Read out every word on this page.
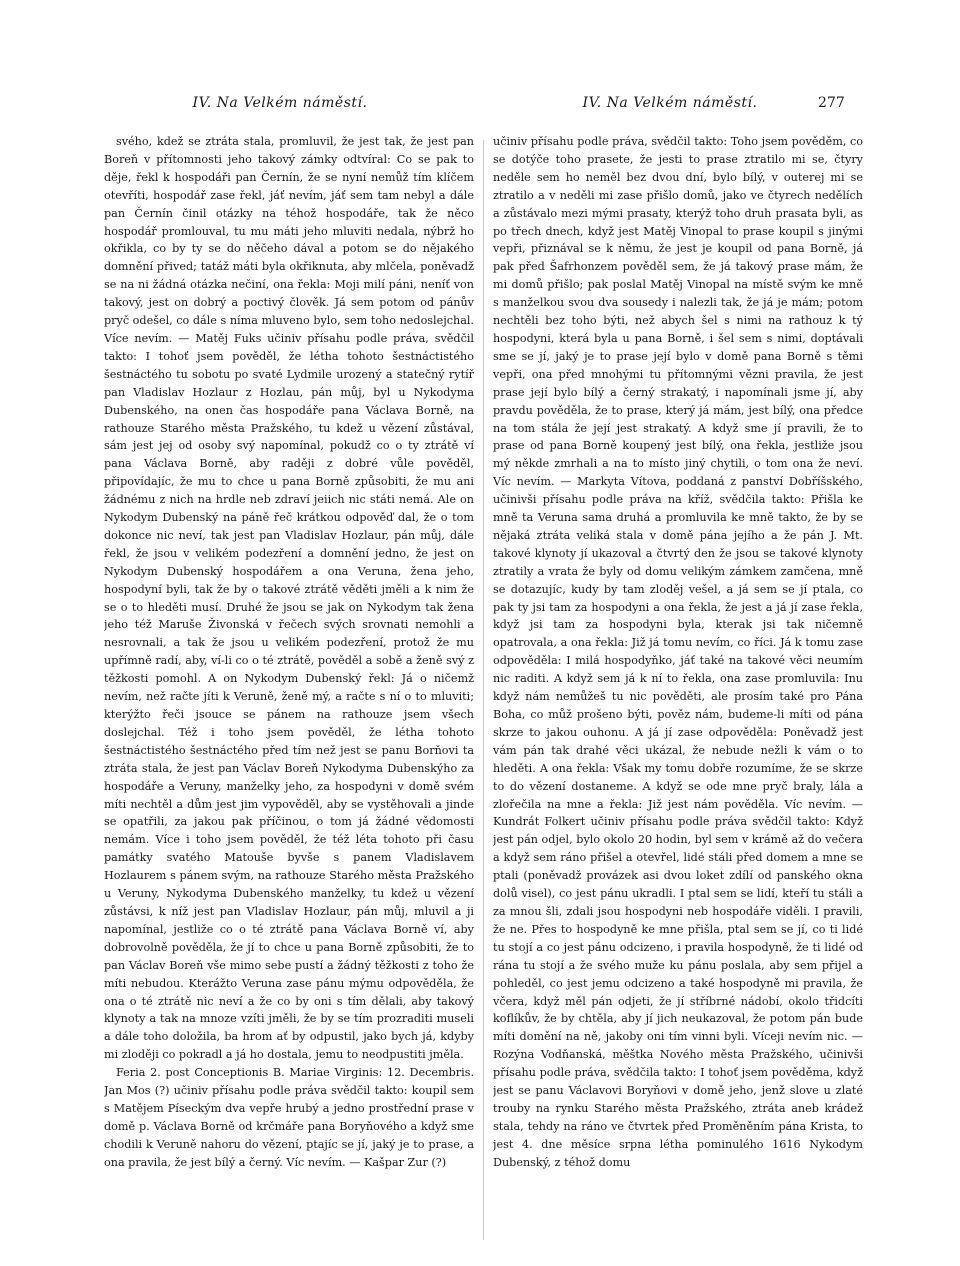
IV. Na Velkém náměstí.	IV. Na Velkém náměstí.	277

svého, kdež se ztráta stala, promluvil, že jest tak, že jest pan Boreň v přítomnosti jeho takový zámky odtvíral: Co se pak to děje, řekl k hospodáři pan Černín, že se nyní nemůž tím klíčem otevříti, hospodář zase řekl, jáť nevím, jáť sem tam nebyl a dále pan Černín činil otázky na téhož hospodáře, tak že něco hospodář promlouval, tu mu máti jeho mluviti nedala, nýbrž ho okřikla, co by ty se do něčeho dával a potom se do nějakého domnění přived; tatáž máti byla okřiknuta, aby mlčela, poněvadž se na ni žádná otázka nečiní, ona řekla: Moji milí páni, neníť von takový, jest on dobrý a poctivý člověk. Já sem potom od pánův pryč odešel, co dále s níma mluveno bylo, sem toho nedoslejchal. Více nevím. — Matěj Fuks učiniv přísahu podle práva, svědčil takto: I tohoť jsem pověděl, že létha tohoto šestnáctistého šestnáctého tu sobotu po svaté Lydmile urozený a statečný rytíř pan Vladislav Hozlaur z Hozlau, pán můj, byl u Nykodyma Dubenského, na onen čas hospodáře pana Václava Borně, na rathouze Starého města Pražského, tu kdež u vězení zůstával, sám jest jej od osoby svý napomínal, pokudž co o ty ztrátě ví pana Václava Borně, aby raději z dobré vůle pověděl, připovídajíc, že mu to chce u pana Borně způsobiti, že mu ani žádnému z nich na hrdle neb zdraví jeiich nic státi nemá. Ale on Nykodym Dubenský na páně řeč krátkou odpověď dal, že o tom dokonce nic neví, tak jest pan Vladislav Hozlaur, pán můj, dále řekl, že jsou v velikém podezření a domnění jedno, že jest on Nykodym Dubenský hospodářem a ona Veruna, žena jeho, hospodyní byli, tak že by o takové ztrátě věděti jměli a k nim že se o to hleděti musí. Druhé že jsou se jak on Nykodym tak žena jeho též Maruše Živonská v řečech svých srovnati nemohli a nesrovnali, a tak že jsou u velikém podezření, protož že mu upřímně radí, aby, ví-li co o té ztrátě, pověděl a sobě a ženě svý z těžkosti pomohl. A on Nykodym Dubenský řekl: Já o ničemž nevím, než račte jíti k Veruně, ženě mý, a račte s ní o to mluviti; kterýžto řeči jsouce se pánem na rathouze jsem všech doslejchal. Též i toho jsem pověděl, že létha tohoto šestnáctistého šestnáctého před tím než jest se panu Borňovi ta ztráta stala, že jest pan Václav Boreň Nykodyma Dubenskýho za hospodáře a Veruny, manželky jeho, za hospodyni v domě svém míti nechtěl a dům jest jim vypověděl, aby se vystěhovali a jinde se opatřili, za jakou pak příčinou, o tom já žádné vědomosti nemám. Více i toho jsem pověděl, že též léta tohoto při času památky svatého Matouše byvše s panem Vladislavem Hozlaurem s pánem svým, na rathouze Starého města Pražského u Veruny, Nykodyma Dubenského manželky, tu kdež u vězení zůstávsi, k níž jest pan Vladislav Hozlaur, pán můj, mluvil a ji napomínal, jestliže co o té ztrátě pana Václava Borně ví, aby dobrovolně pověděla, že jí to chce u pana Borně způsobiti, že to pan Václav Boreň vše mimo sebe pustí a žádný těžkosti z toho že míti nebudou. Kterážto Veruna zase pánu mýmu odpověděla, že ona o té ztrátě nic neví a že co by oni s tím dělali, aby takový klynoty a tak na mnoze vzíti jměli, že by se tím prozraditi museli a dále toho doložila, ba hrom ať by odpustil, jako bych já, kdyby mi zloději co pokradl a já ho dostala, jemu to neodpustiti jměla.

Feria 2. post Conceptionis B. Mariae Virginis: 12. Decembris. Jan Mos (?) učiniv přísahu podle práva svědčil takto: koupil sem s Matějem Píseckým dva vepře hrubý a jedno prostřední prase v domě p. Václava Borně od krčmáře pana Boryňového a když sme chodili k Veruně nahoru do vězení, ptajíc se jí, jaký je to prase, a ona pravila, že jest bílý a černý. Víc nevím. — Kašpar Zur (?)

učiniv přísahu podle práva, svědčil takto: Toho jsem pověděm, co se dotýče toho prasete, že jesti to prase ztratilo mi se, čtyry neděle sem ho neměl bez dvou dní, bylo bílý, v outerej mi se ztratilo a v neděli mi zase přišlo domů, jako ve čtyrech nedělích a zůstávalo mezi mými prasaty, kterýž toho druh prasata byli, as po třech dnech, když jest Matěj Vinopal to prase koupil s jinými vepři, přiznával se k němu, že jest je koupil od pana Borně, já pak před Šafrhonzem pověděl sem, že já takový prase mám, že mi domů přišlo; pak poslal Matěj Vinopal na místě svým ke mně s manželkou svou dva sousedy i nalezli tak, že já je mám; potom nechtěli bez toho býti, než abych šel s nimi na rathouz k tý hospodyni, která byla u pana Borně, i šel sem s nimi, doptávali sme se jí, jaký je to prase její bylo v domě pana Borně s těmi vepři, ona před mnohými tu přítomnými vězni pravila, že jest prase její bylo bílý a černý strakatý, i napomínali jsme jí, aby pravdu pověděla, že to prase, který já mám, jest bílý, ona předce na tom stála že její jest strakatý. A když sme jí pravili, že to prase od pana Borně koupený jest bílý, ona řekla, jestliže jsou mý někde zmrhali a na to místo jiný chytili, o tom ona že neví. Víc nevím. — Markyta Vítova, poddaná z panství Dobříšského, učinivši přísahu podle práva na kříž, svědčila takto: Přišla ke mně ta Veruna sama druhá a promluvila ke mně takto, že by se nějaká ztráta veliká stala v domě pána jejího a že pán J. Mt. takové klynoty jí ukazoval a čtvrtý den že jsou se takové klynoty ztratily a vrata že byly od domu velikým zámkem zamčena, mně se dotazujíc, kudy by tam zloděj vešel, a já sem se jí ptala, co pak ty jsi tam za hospodyni a ona řekla, že jest a já jí zase řekla, když jsi tam za hospodyni byla, kterak jsi tak ničemně opatrovala, a ona řekla: Již já tomu nevím, co říci. Já k tomu zase odpověděla: I milá hospodyňko, jáť také na takové věci neumím nic raditi. A když sem já k ní to řekla, ona zase promluvila: Inu když nám nemůžeš tu nic pověděti, ale prosím také pro Pána Boha, co můž prošeno býti, pověz nám, budeme-li míti od pána skrze to jakou ouhonu. A já jí zase odpověděla: Poněvadž jest vám pán tak drahé věci ukázal, že nebude nežli k vám o to hleděti. A ona řekla: Však my tomu dobře rozumíme, že se skrze to do vězení dostaneme. A když se ode mne pryč braly, lála a zlořečila na mne a řekla: Již jest nám pověděla. Víc nevím. — Kundrát Folkert učiniv přísahu podle práva svědčil takto: Když jest pán odjel, bylo okolo 20 hodin, byl sem v krámě až do večera a když sem ráno přišel a otevřel, lidé stáli před domem a mne se ptali (poněvadž provázek asi dvou loket zdílí od panského okna dolů visel), co jest pánu ukradli. I ptal sem se lidí, kteří tu stáli a za mnou šli, zdali jsou hospodyni neb hospodáře viděli. I pravili, že ne. Přes to hospodyně ke mne přišla, ptal sem se jí, co ti lidé tu stojí a co jest pánu odcizeno, i pravila hospodyně, že ti lidé od rána tu stojí a že svého muže ku pánu poslala, aby sem přijel a pohleděl, co jest jemu odcizeno a také hospodyně mi pravila, že včera, když měl pán odjeti, že jí stříbrné nádobí, okolo třidcíti koflíkův, že by chtěla, aby jí jich neukazoval, že potom pán bude míti domění na ně, jakoby oni tím vinni byli. Víceji nevím nic. — Rozýna Vodňanská, měštka Nového města Pražského, učinivši přísahu podle práva, svědčila takto: I tohoť jsem pověděma, když jest se panu Václavovi Boryňovi v domě jeho, jenž slove u zlaté trouby na rynku Starého města Pražského, ztráta aneb krádež stala, tehdy na ráno ve čtvrtek před Proměněním pána Krista, to jest 4. dne měsíce srpna létha pominulého 1616 Nykodym Dubenský, z téhož domu
